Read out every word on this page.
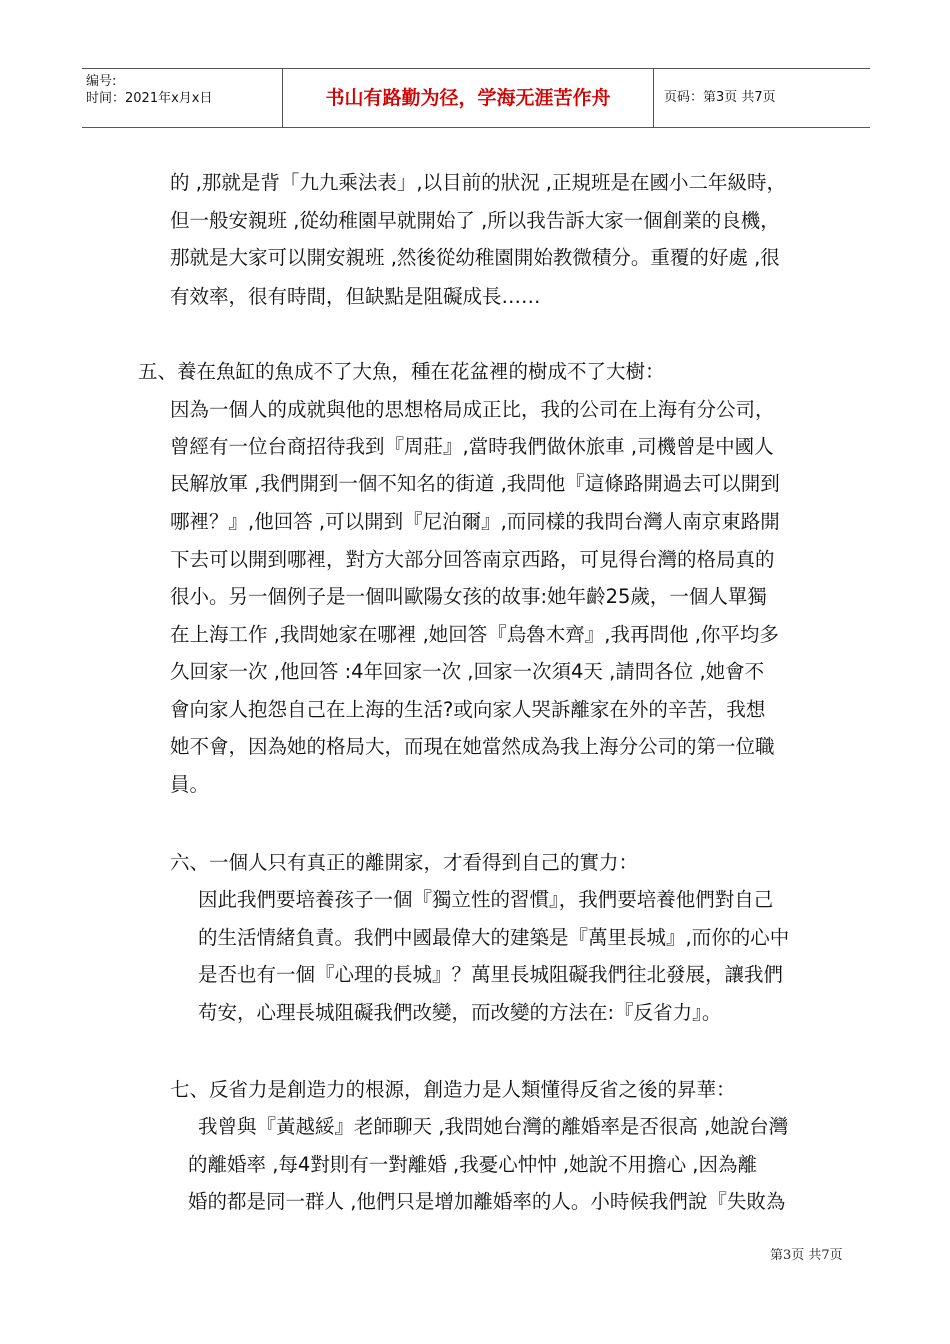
编号:
时间：2021年x月x日	书山有路勤为径，学海无涯苦作舟	页码：第3页 共7页
的 ,那就是背「九九乘法表」,以目前的狀況 ,正規班是在國小二年級時，
但一般安親班 ,從幼稚園早就開始了 ,所以我告訴大家一個創業的良機，
那就是大家可以開安親班 ,然後從幼稚園開始教微積分。重覆的好處 ,很
有效率，很有時間，但缺點是阻礙成長……
五、養在魚缸的魚成不了大魚，種在花盆裡的樹成不了大樹：
因為一個人的成就與他的思想格局成正比，我的公司在上海有分公司，
曾經有一位台商招待我到『周莊』,當時我們做休旅車 ,司機曾是中國人
民解放軍 ,我們開到一個不知名的街道 ,我問他『這條路開過去可以開到
哪裡？』,他回答 ,可以開到『尼泊爾』,而同樣的我問台灣人南京東路開
下去可以開到哪裡，對方大部分回答南京西路，可見得台灣的格局真的
很小。另一個例子是一個叫歐陽女孩的故事:她年齡25歲，一個人單獨
在上海工作 ,我問她家在哪裡 ,她回答『烏魯木齊』,我再問他 ,你平均多
久回家一次 ,他回答 :4年回家一次 ,回家一次須4天 ,請問各位 ,她會不
會向家人抱怨自己在上海的生活?或向家人哭訴離家在外的辛苦，我想
她不會，因為她的格局大，而現在她當然成為我上海分公司的第一位職
員。
六、一個人只有真正的離開家，才看得到自己的實力：
因此我們要培養孩子一個『獨立性的習慣』，我們要培養他們對自己
的生活情緒負責。我們中國最偉大的建築是『萬里長城』,而你的心中
是否也有一個『心理的長城』？萬里長城阻礙我們往北發展，讓我們
苟安，心理長城阻礙我們改變，而改變的方法在:『反省力』。
七、反省力是創造力的根源，創造力是人類懂得反省之後的昇華：
我曾與『黃越綏』老師聊天 ,我問她台灣的離婚率是否很高 ,她說台灣
的離婚率 ,每4對則有一對離婚 ,我憂心忡忡 ,她說不用擔心 ,因為離
婚的都是同一群人 ,他們只是增加離婚率的人。小時候我們說『失敗為
第3页 共7页
